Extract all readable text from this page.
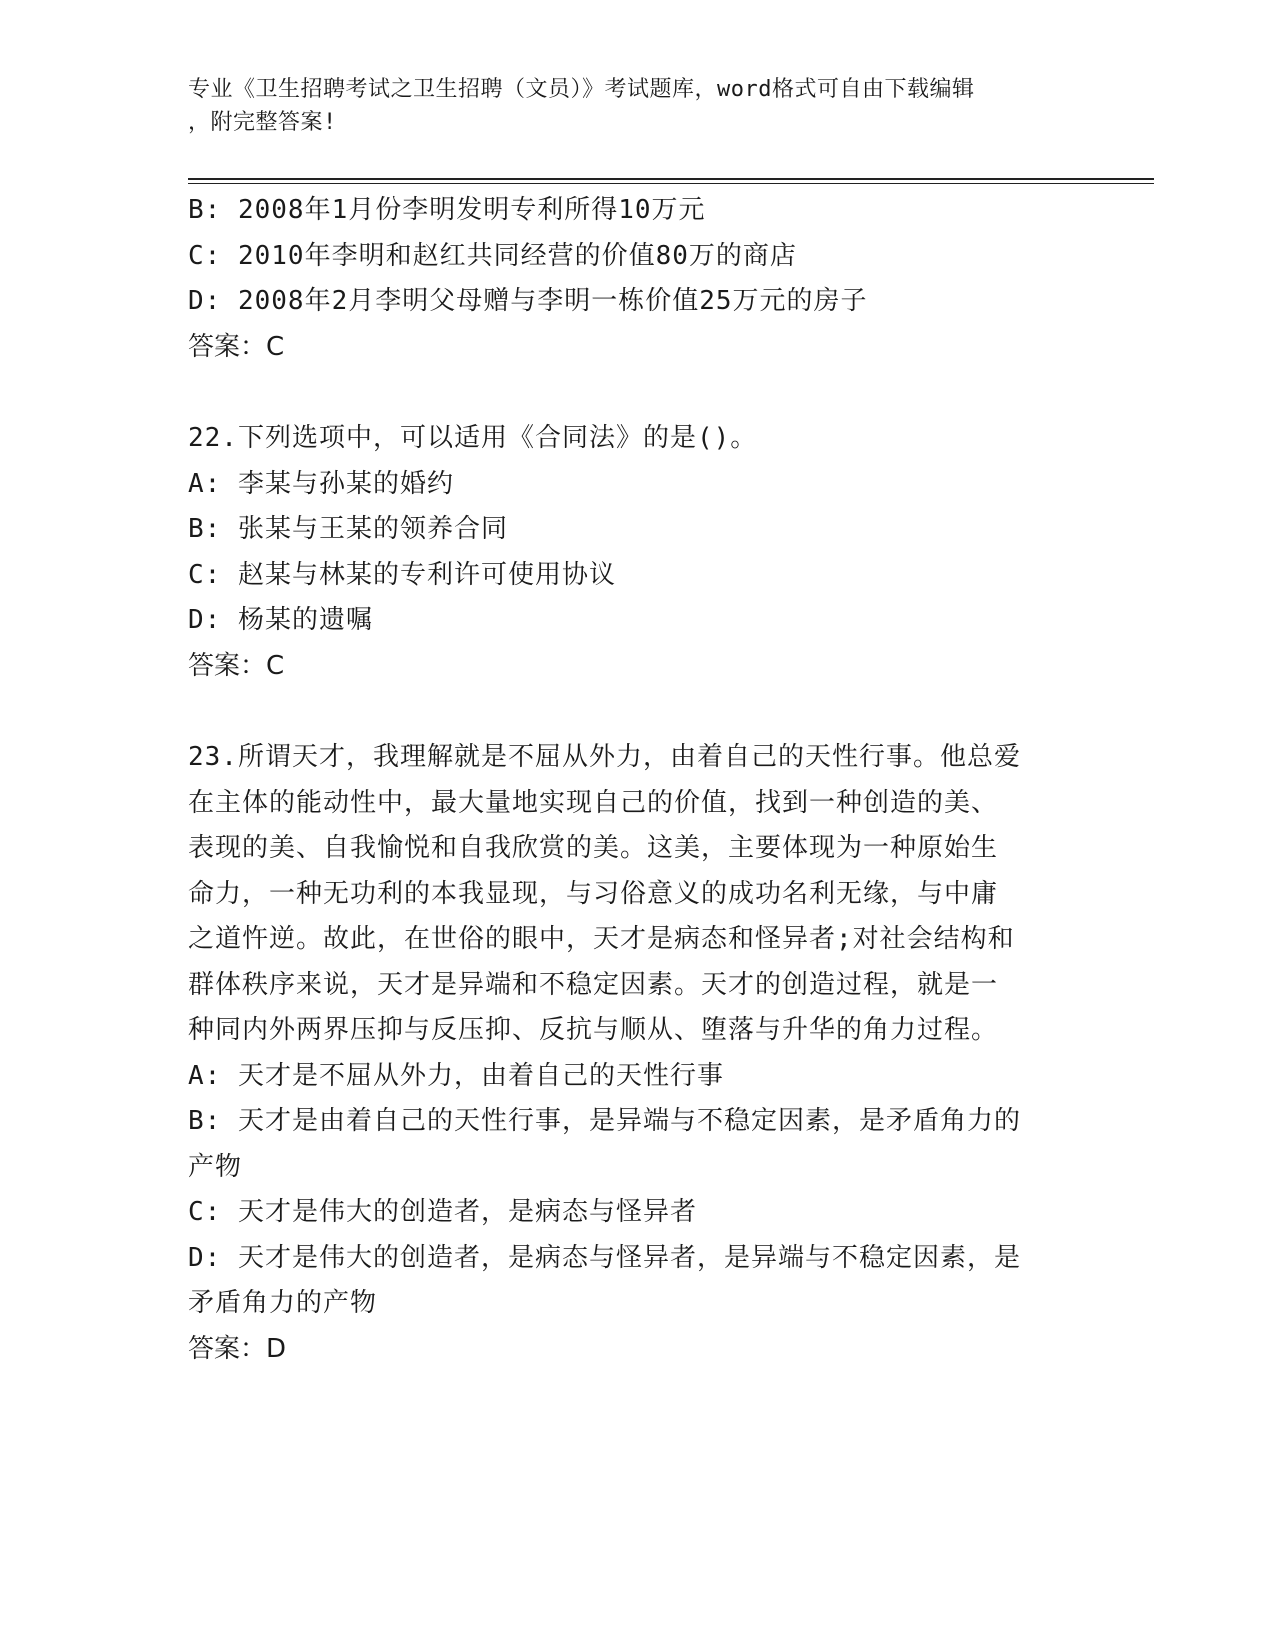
专业《卫生招聘考试之卫生招聘（文员）》考试题库，word格式可自由下载编辑
，附完整答案!
B: 2008年1月份李明发明专利所得10万元
C: 2010年李明和赵红共同经营的价值80万的商店
D: 2008年2月李明父母赠与李明一栋价值25万元的房子
答案：C
22.下列选项中，可以适用《合同法》的是()。
A: 李某与孙某的婚约
B: 张某与王某的领养合同
C: 赵某与林某的专利许可使用协议
D: 杨某的遗嘱
答案：C
23.所谓天才，我理解就是不屈从外力，由着自己的天性行事。他总爱
在主体的能动性中，最大量地实现自己的价值，找到一种创造的美、
表现的美、自我愉悦和自我欣赏的美。这美，主要体现为一种原始生
命力，一种无功利的本我显现，与习俗意义的成功名利无缘，与中庸
之道忤逆。故此，在世俗的眼中，天才是病态和怪异者;对社会结构和
群体秩序来说，天才是异端和不稳定因素。天才的创造过程，就是一
种同内外两界压抑与反压抑、反抗与顺从、堕落与升华的角力过程。
A: 天才是不屈从外力，由着自己的天性行事
B: 天才是由着自己的天性行事，是异端与不稳定因素，是矛盾角力的
产物
C: 天才是伟大的创造者，是病态与怪异者
D: 天才是伟大的创造者，是病态与怪异者，是异端与不稳定因素，是
矛盾角力的产物
答案：D
